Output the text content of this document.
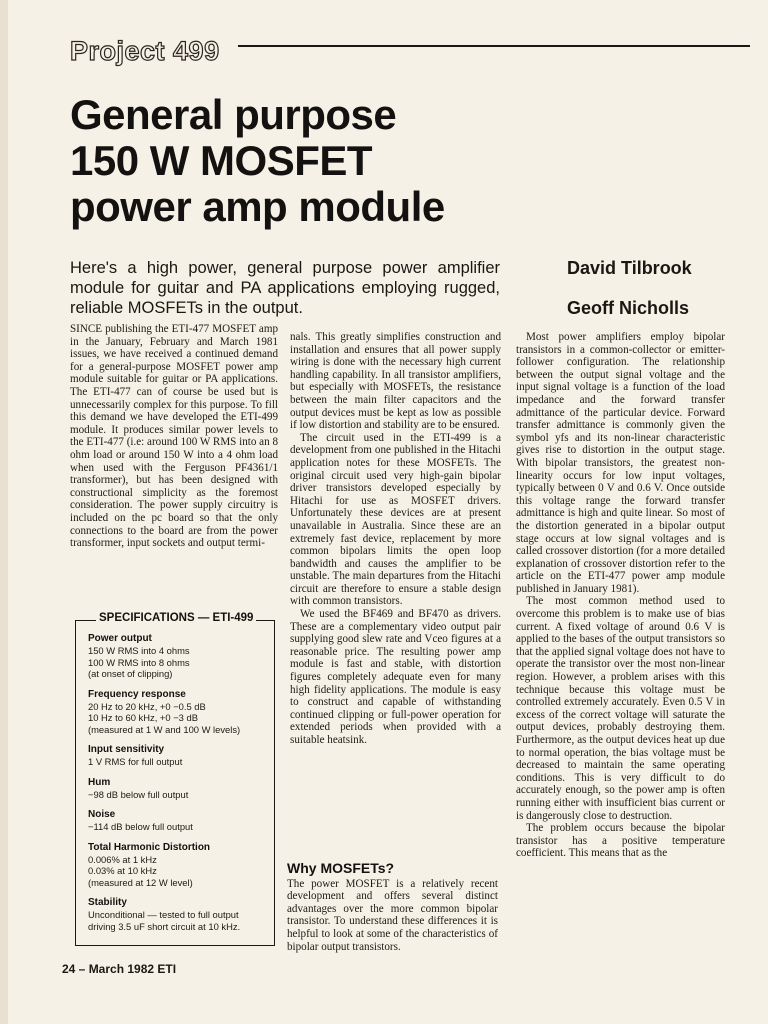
Project 499
General purpose
150 W MOSFET
power amp module
Here's a high power, general purpose power amplifier module for guitar and PA applications employing rugged, reliable MOSFETs in the output.
David Tilbrook
Geoff Nicholls

SINCE publishing the ETI-477 MOSFET amp in the January, February and March 1981 issues, we have received a continued demand for a general-purpose MOSFET power amp module suitable for guitar or PA applications. The ETI-477 can of course be used but is unnecessarily complex for this purpose. To fill this demand we have developed the ETI-499 module. It produces similar power levels to the ETI-477 (i.e: around 100 W RMS into an 8 ohm load or around 150 W into a 4 ohm load when used with the Ferguson PF4361/1 transformer), but has been designed with constructional simplicity as the foremost consideration. The power supply circuitry is included on the pc board so that the only connections to the board are from the power transformer, input sockets and output termi-

SPECIFICATIONS — ETI-499
Power output
150 W RMS into 4 ohms
100 W RMS into 8 ohms
(at onset of clipping)
Frequency response
20 Hz to 20 kHz, +0 −0.5 dB
10 Hz to 60 kHz, +0 −3 dB
(measured at 1 W and 100 W levels)
Input sensitivity
1 V RMS for full output
Hum
−98 dB below full output
Noise
−114 dB below full output
Total Harmonic Distortion
0.006% at 1 kHz
0.03% at 10 kHz
(measured at 12 W level)
Stability
Unconditional — tested to full output
driving 3.5 uF short circuit at 10 kHz.

nals. This greatly simplifies construction and installation and ensures that all power supply wiring is done with the necessary high current handling capability. In all transistor amplifiers, but especially with MOSFETs, the resistance between the main filter capacitors and the output devices must be kept as low as possible if low distortion and stability are to be ensured.

The circuit used in the ETI-499 is a development from one published in the Hitachi application notes for these MOSFETs. The original circuit used very high-gain bipolar driver transistors developed especially by Hitachi for use as MOSFET drivers. Unfortunately these devices are at present unavailable in Australia. Since these are an extremely fast device, replacement by more common bipolars limits the open loop bandwidth and causes the amplifier to be unstable. The main departures from the Hitachi circuit are therefore to ensure a stable design with common transistors.

We used the BF469 and BF470 as drivers. These are a complementary video output pair supplying good slew rate and Vceo figures at a reasonable price. The resulting power amp module is fast and stable, with distortion figures completely adequate even for many high fidelity applications. The module is easy to construct and capable of withstanding continued clipping or full-power operation for extended periods when provided with a suitable heatsink.

Why MOSFETs?

The power MOSFET is a relatively recent development and offers several distinct advantages over the more common bipolar transistor. To understand these differences it is helpful to look at some of the characteristics of bipolar output transistors.

Most power amplifiers employ bipolar transistors in a common-collector or emitter-follower configuration. The relationship between the output signal voltage and the input signal voltage is a function of the load impedance and the forward transfer admittance of the particular device. Forward transfer admittance is commonly given the symbol yfs and its non-linear characteristic gives rise to distortion in the output stage. With bipolar transistors, the greatest non-linearity occurs for low input voltages, typically between 0 V and 0.6 V. Once outside this voltage range the forward transfer admittance is high and quite linear. So most of the distortion generated in a bipolar output stage occurs at low signal voltages and is called crossover distortion (for a more detailed explanation of crossover distortion refer to the article on the ETI-477 power amp module published in January 1981).

The most common method used to overcome this problem is to make use of bias current. A fixed voltage of around 0.6 V is applied to the bases of the output transistors so that the applied signal voltage does not have to operate the transistor over the most non-linear region. However, a problem arises with this technique because this voltage must be controlled extremely accurately. Even 0.5 V in excess of the correct voltage will saturate the output devices, probably destroying them. Furthermore, as the output devices heat up due to normal operation, the bias voltage must be decreased to maintain the same operating conditions. This is very difficult to do accurately enough, so the power amp is often running either with insufficient bias current or is dangerously close to destruction.

The problem occurs because the bipolar transistor has a positive temperature coefficient. This means that as the

24 – March 1982 ETI
